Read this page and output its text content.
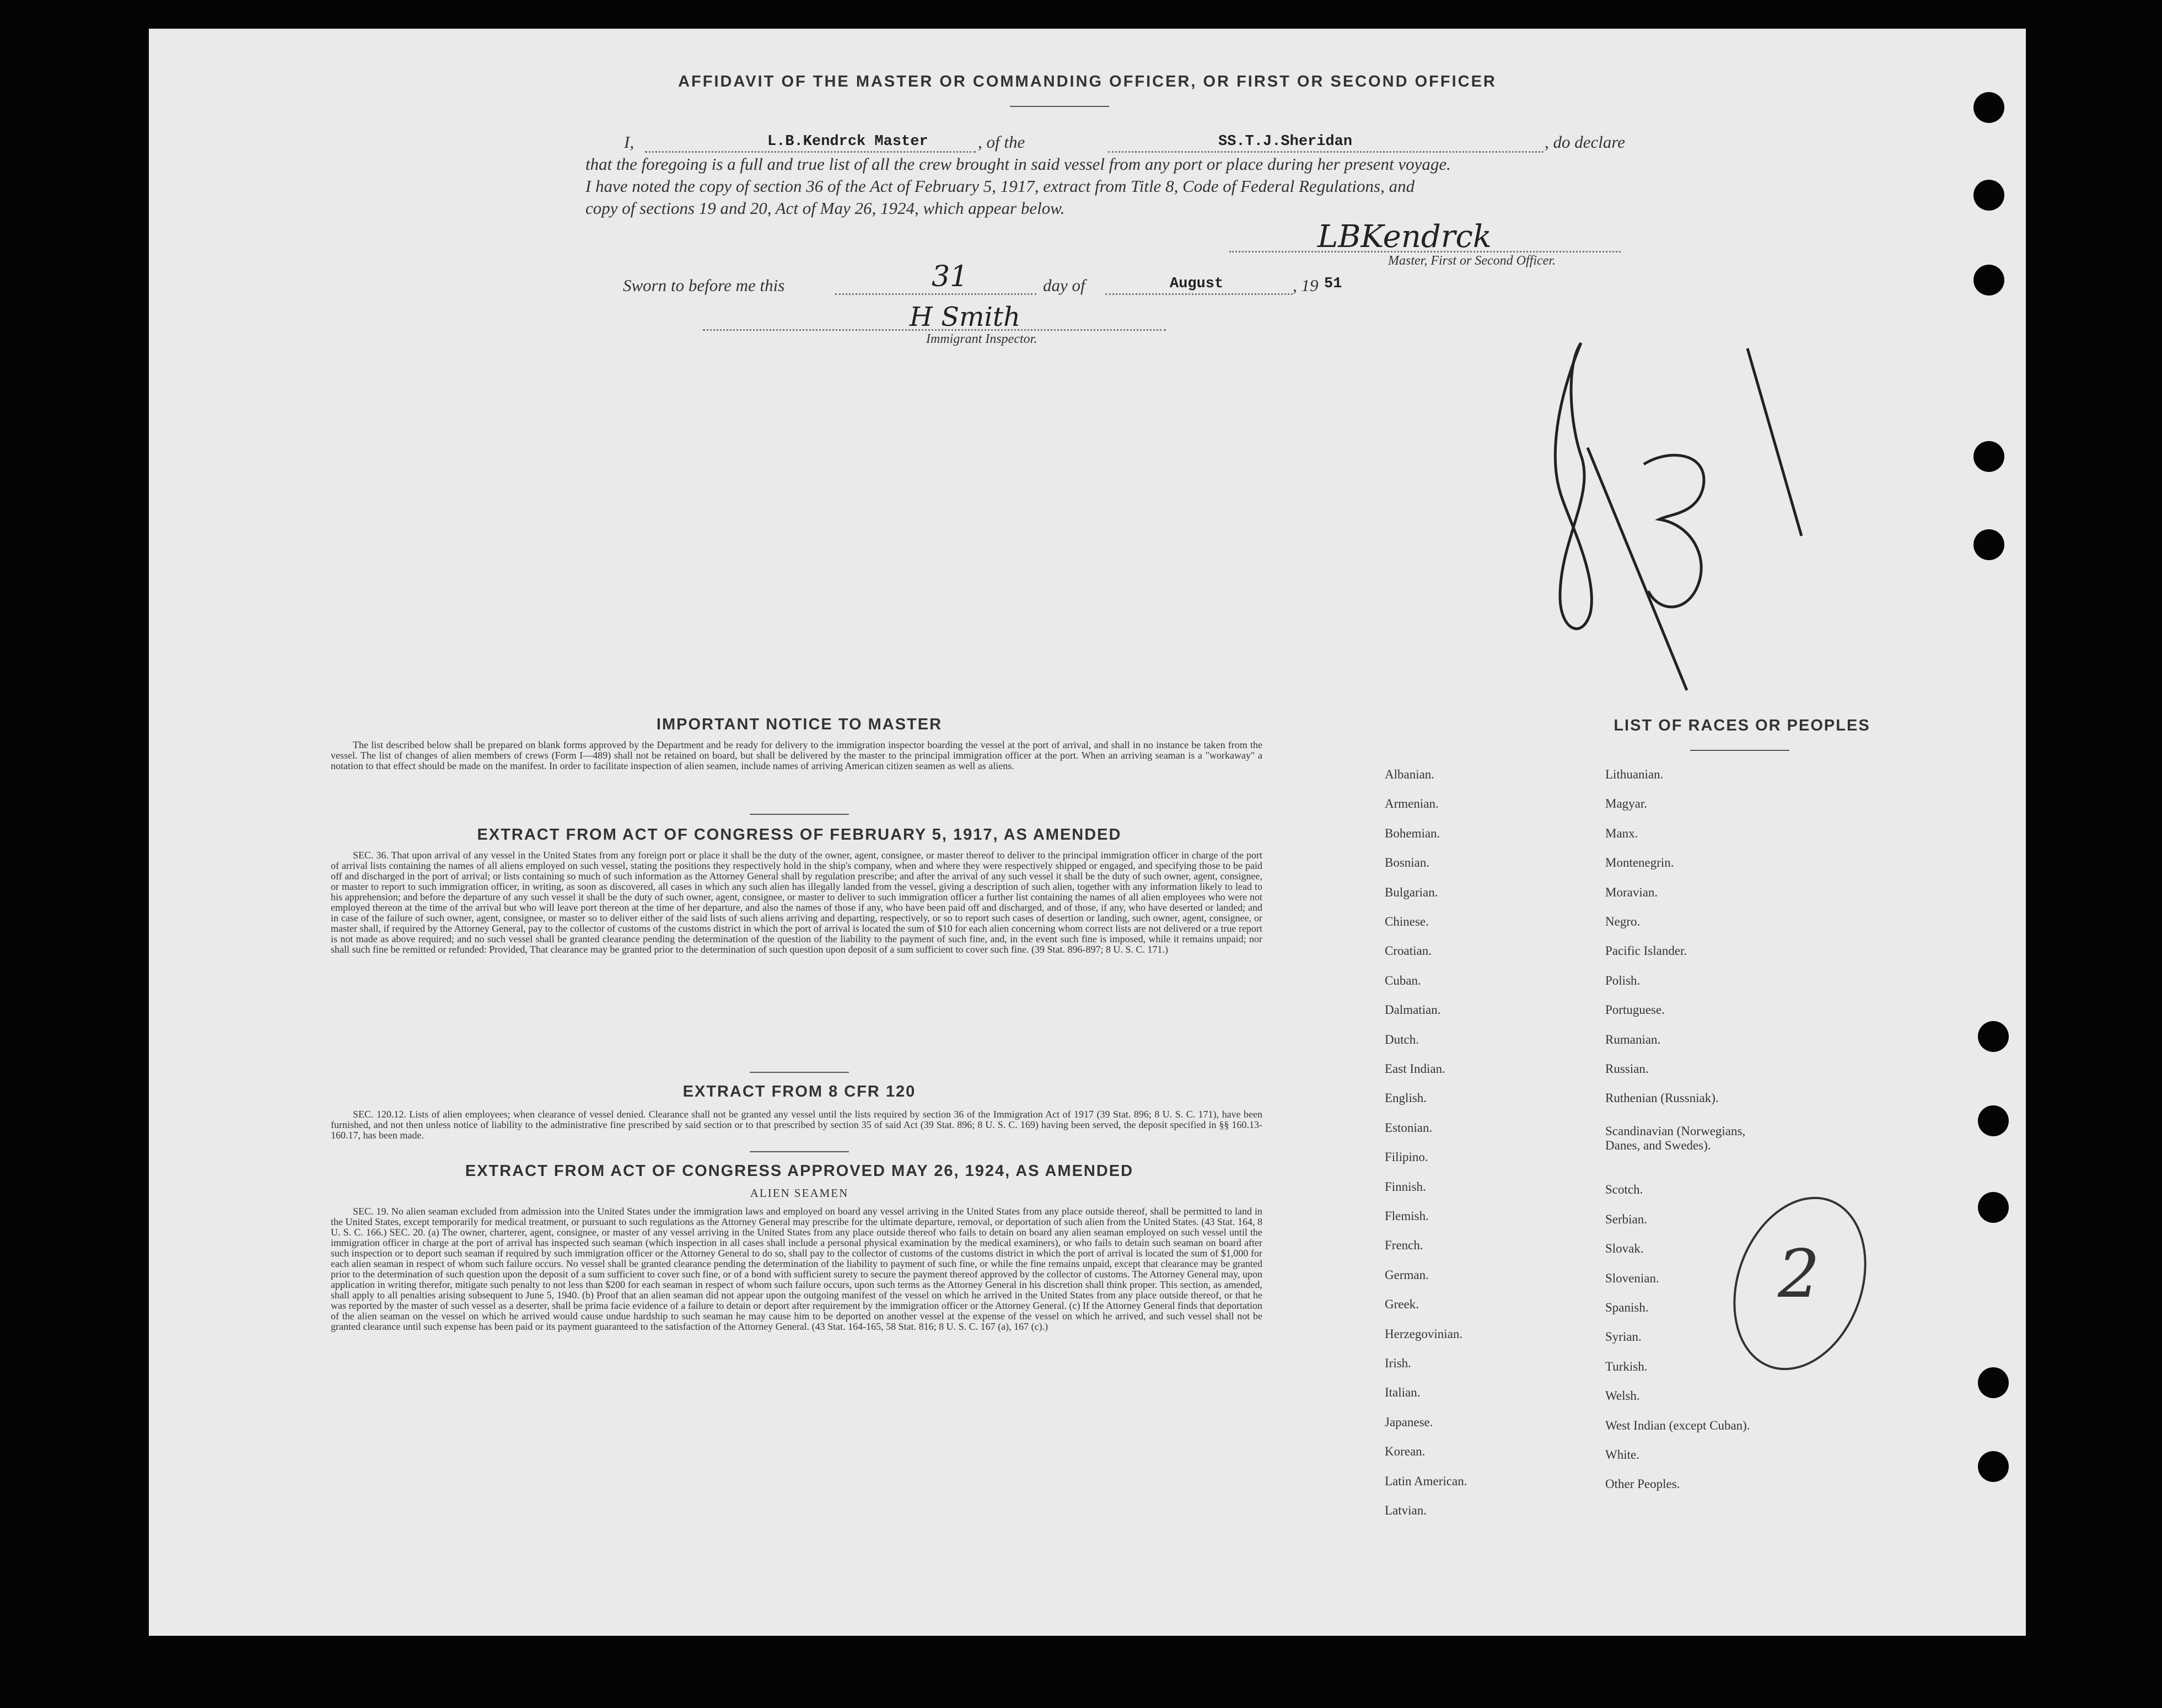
AFFIDAVIT OF THE MASTER OR COMMANDING OFFICER, OR FIRST OR SECOND OFFICER
I,	L.B.Kendrck Master	, of the	SS.T.J.Sheridan	, do declare
that the foregoing is a full and true list of all the crew brought in said vessel from any port or place during her present voyage.
I have noted the copy of section 36 of the Act of February 5, 1917, extract from Title 8, Code of Federal Regulations, and
copy of sections 19 and 20, Act of May 26, 1924, which appear below.
LBKendrck
Master, First or Second Officer.
Sworn to before me this	31	day of	August	, 19 51
H Smith
Immigrant Inspector.
2
IMPORTANT NOTICE TO MASTER
The list described below shall be prepared on blank forms approved by the Department and be ready for delivery to the immigration inspector boarding the vessel at the port of arrival, and shall in no instance be taken from the vessel. The list of changes of alien members of crews (Form I—489) shall not be retained on board, but shall be delivered by the master to the principal immigration officer at the port. When an arriving seaman is a "workaway" a notation to that effect should be made on the manifest. In order to facilitate inspection of alien seamen, include names of arriving American citizen seamen as well as aliens.
EXTRACT FROM ACT OF CONGRESS OF FEBRUARY 5, 1917, AS AMENDED
SEC. 36. That upon arrival of any vessel in the United States from any foreign port or place it shall be the duty of the owner, agent, consignee, or master thereof to deliver to the principal immigration officer in charge of the port of arrival lists containing the names of all aliens employed on such vessel, stating the positions they respectively hold in the ship's company, when and where they were respectively shipped or engaged, and specifying those to be paid off and discharged in the port of arrival; or lists containing so much of such information as the Attorney General shall by regulation prescribe; and after the arrival of any such vessel it shall be the duty of such owner, agent, consignee, or master to report to such immigration officer, in writing, as soon as discovered, all cases in which any such alien has illegally landed from the vessel, giving a description of such alien, together with any information likely to lead to his apprehension; and before the departure of any such vessel it shall be the duty of such owner, agent, consignee, or master to deliver to such immigration officer a further list containing the names of all alien employees who were not employed thereon at the time of the arrival but who will leave port thereon at the time of her departure, and also the names of those if any, who have been paid off and discharged, and of those, if any, who have deserted or landed; and in case of the failure of such owner, agent, consignee, or master so to deliver either of the said lists of such aliens arriving and departing, respectively, or so to report such cases of desertion or landing, such owner, agent, consignee, or master shall, if required by the Attorney General, pay to the collector of customs of the customs district in which the port of arrival is located the sum of $10 for each alien concerning whom correct lists are not delivered or a true report is not made as above required; and no such vessel shall be granted clearance pending the determination of the question of the liability to the payment of such fine, and, in the event such fine is imposed, while it remains unpaid; nor shall such fine be remitted or refunded: Provided, That clearance may be granted prior to the determination of such question upon deposit of a sum sufficient to cover such fine. (39 Stat. 896-897; 8 U. S. C. 171.)
EXTRACT FROM 8 CFR 120
SEC. 120.12. Lists of alien employees; when clearance of vessel denied. Clearance shall not be granted any vessel until the lists required by section 36 of the Immigration Act of 1917 (39 Stat. 896; 8 U. S. C. 171), have been furnished, and not then unless notice of liability to the administrative fine prescribed by said section or to that prescribed by section 35 of said Act (39 Stat. 896; 8 U. S. C. 169) having been served, the deposit specified in §§ 160.13-160.17, has been made.
EXTRACT FROM ACT OF CONGRESS APPROVED MAY 26, 1924, AS AMENDED
ALIEN SEAMEN
SEC. 19. No alien seaman excluded from admission into the United States under the immigration laws and employed on board any vessel arriving in the United States from any place outside thereof, shall be permitted to land in the United States, except temporarily for medical treatment, or pursuant to such regulations as the Attorney General may prescribe for the ultimate departure, removal, or deportation of such alien from the United States. (43 Stat. 164, 8 U. S. C. 166.) SEC. 20. (a) The owner, charterer, agent, consignee, or master of any vessel arriving in the United States from any place outside thereof who fails to detain on board any alien seaman employed on such vessel until the immigration officer in charge at the port of arrival has inspected such seaman (which inspection in all cases shall include a personal physical examination by the medical examiners), or who fails to detain such seaman on board after such inspection or to deport such seaman if required by such immigration officer or the Attorney General to do so, shall pay to the collector of customs of the customs district in which the port of arrival is located the sum of $1,000 for each alien seaman in respect of whom such failure occurs. No vessel shall be granted clearance pending the determination of the liability to payment of such fine, or while the fine remains unpaid, except that clearance may be granted prior to the determination of such question upon the deposit of a sum sufficient to cover such fine, or of a bond with sufficient surety to secure the payment thereof approved by the collector of customs. The Attorney General may, upon application in writing therefor, mitigate such penalty to not less than $200 for each seaman in respect of whom such failure occurs, upon such terms as the Attorney General in his discretion shall think proper. This section, as amended, shall apply to all penalties arising subsequent to June 5, 1940. (b) Proof that an alien seaman did not appear upon the outgoing manifest of the vessel on which he arrived in the United States from any place outside thereof, or that he was reported by the master of such vessel as a deserter, shall be prima facie evidence of a failure to detain or deport after requirement by the immigration officer or the Attorney General. (c) If the Attorney General finds that deportation of the alien seaman on the vessel on which he arrived would cause undue hardship to such seaman he may cause him to be deported on another vessel at the expense of the vessel on which he arrived, and such vessel shall not be granted clearance until such expense has been paid or its payment guaranteed to the satisfaction of the Attorney General. (43 Stat. 164-165, 58 Stat. 816; 8 U. S. C. 167 (a), 167 (c).)
LIST OF RACES OR PEOPLES
Albanian.
Armenian.
Bohemian.
Bosnian.
Bulgarian.
Chinese.
Croatian.
Cuban.
Dalmatian.
Dutch.
East Indian.
English.
Estonian.
Filipino.
Finnish.
Flemish.
French.
German.
Greek.
Herzegovinian.
Irish.
Italian.
Japanese.
Korean.
Latin American.
Latvian.
Lithuanian.
Magyar.
Manx.
Montenegrin.
Moravian.
Negro.
Pacific Islander.
Polish.
Portuguese.
Rumanian.
Russian.
Ruthenian (Russniak).
Scandinavian (Norwegians,
Danes, and Swedes).
Scotch.
Serbian.
Slovak.
Slovenian.
Spanish.
Syrian.
Turkish.
Welsh.
West Indian (except Cuban).
White.
Other Peoples.
